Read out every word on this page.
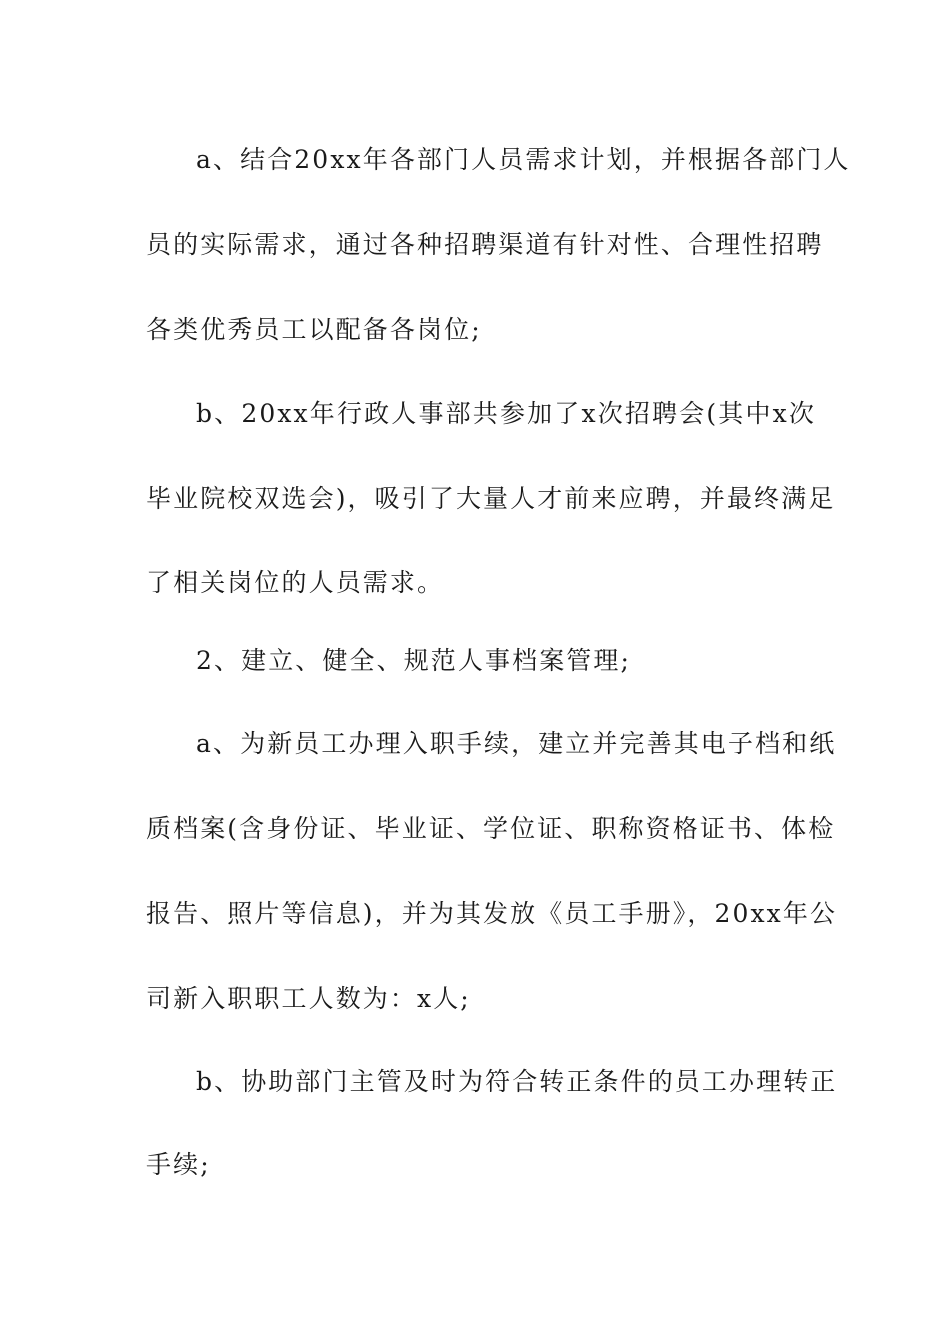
a、结合20xx年各部门人员需求计划，并根据各部门人
员的实际需求，通过各种招聘渠道有针对性、合理性招聘
各类优秀员工以配备各岗位;
b、20xx年行政人事部共参加了x次招聘会(其中x次
毕业院校双选会)，吸引了大量人才前来应聘，并最终满足
了相关岗位的人员需求。
2、建立、健全、规范人事档案管理;
a、为新员工办理入职手续，建立并完善其电子档和纸
质档案(含身份证、毕业证、学位证、职称资格证书、体检
报告、照片等信息)，并为其发放《员工手册》，20xx年公
司新入职职工人数为：x人;
b、协助部门主管及时为符合转正条件的员工办理转正
手续;
